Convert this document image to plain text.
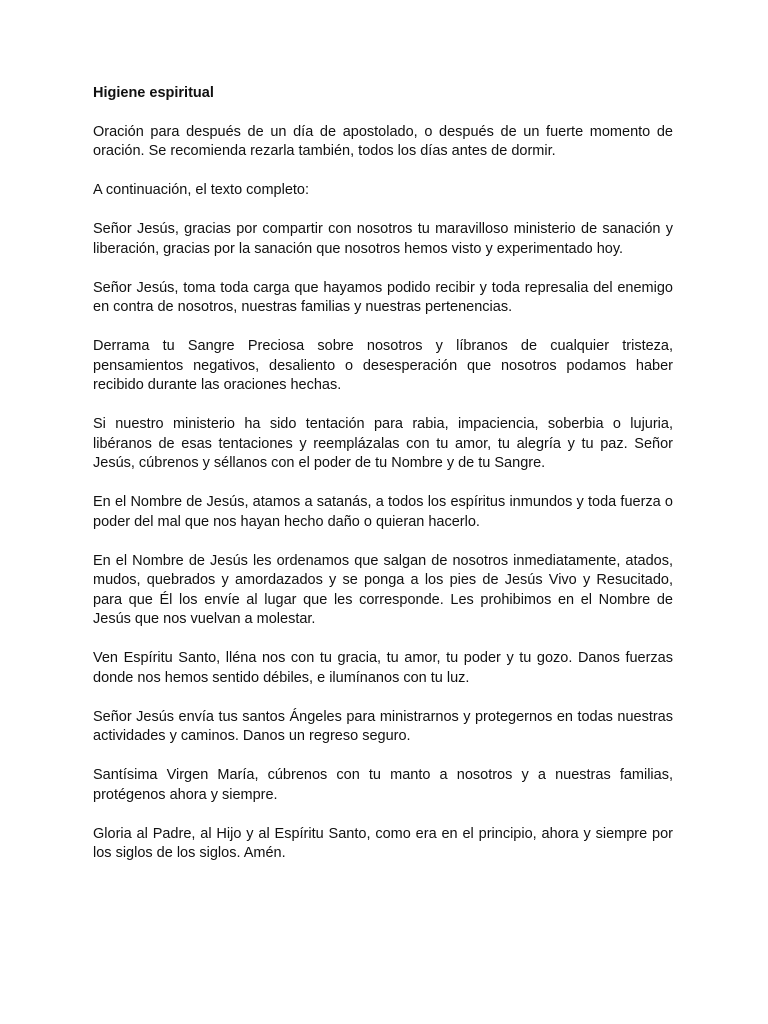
Higiene espiritual

Oración para después de un día de apostolado, o después de un fuerte momento de oración. Se recomienda rezarla también, todos los días antes de dormir.

A continuación, el texto completo:

Señor Jesús, gracias por compartir con nosotros tu maravilloso ministerio de sanación y liberación, gracias por la sanación que nosotros hemos visto y experimentado hoy.

Señor Jesús, toma toda carga que hayamos podido recibir y toda represalia del enemigo en contra de nosotros, nuestras familias y nuestras pertenencias.

Derrama tu Sangre Preciosa sobre nosotros y líbranos de cualquier tristeza, pensamientos negativos, desaliento o desesperación que nosotros podamos haber recibido durante las oraciones hechas.

Si nuestro ministerio ha sido tentación para rabia, impaciencia, soberbia o lujuria, libéranos de esas tentaciones y reemplázalas con tu amor, tu alegría y tu paz. Señor Jesús, cúbrenos y séllanos con el poder de tu Nombre y de tu Sangre.

En el Nombre de Jesús, atamos a satanás, a todos los espíritus inmundos y toda fuerza o poder del mal que nos hayan hecho daño o quieran hacerlo.

En el Nombre de Jesús les ordenamos que salgan de nosotros inmediatamente, atados, mudos, quebrados y amordazados y se ponga a los pies de Jesús Vivo y Resucitado, para que Él los envíe al lugar que les corresponde. Les prohibimos en el Nombre de Jesús que nos vuelvan a molestar.

Ven Espíritu Santo, lléna nos con tu gracia, tu amor, tu poder y tu gozo. Danos fuerzas donde nos hemos sentido débiles, e ilumínanos con tu luz.

Señor Jesús envía tus santos Ángeles para ministrarnos y protegernos en todas nuestras actividades y caminos. Danos un regreso seguro.

Santísima Virgen María, cúbrenos con tu manto a nosotros y a nuestras familias, protégenos ahora y siempre.

Gloria al Padre, al Hijo y al Espíritu Santo, como era en el principio, ahora y siempre por los siglos de los siglos. Amén.
